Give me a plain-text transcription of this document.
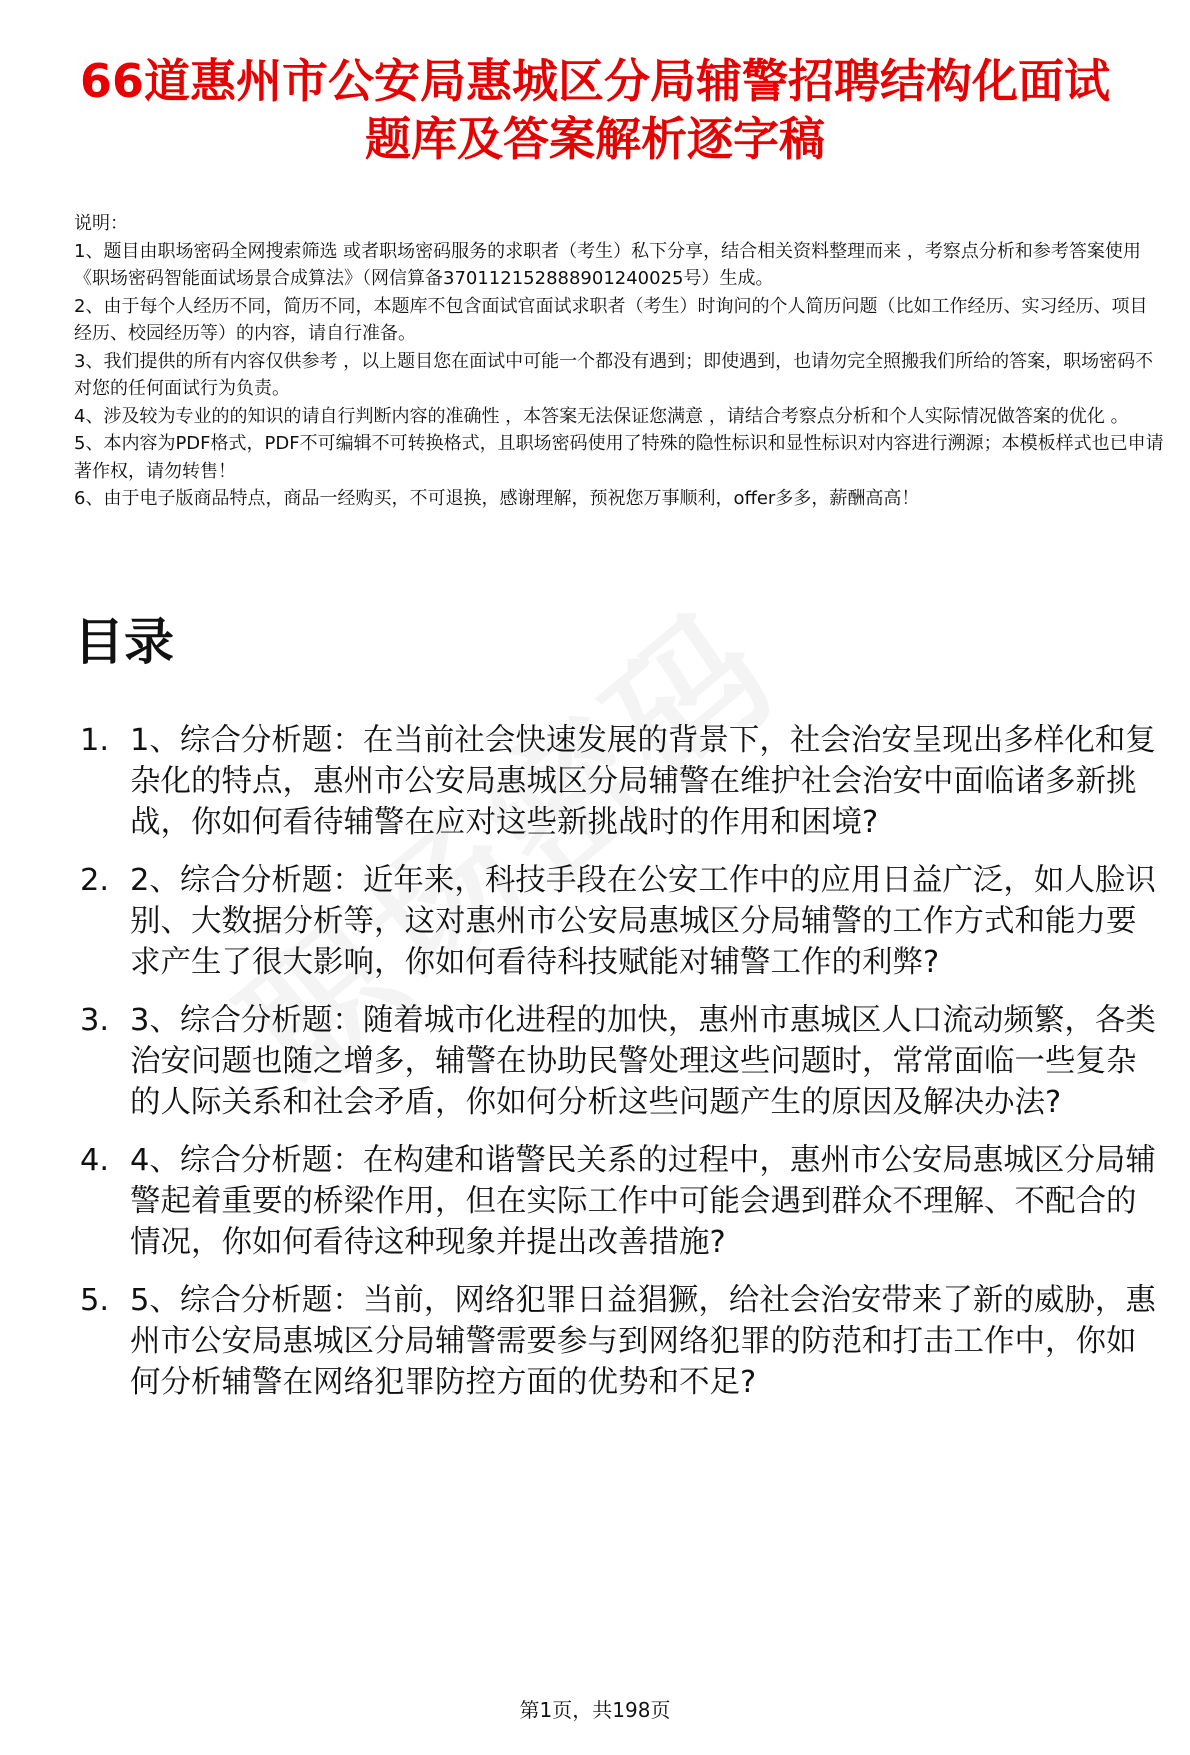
66道惠州市公安局惠城区分局辅警招聘结构化面试题库及答案解析逐字稿

说明：

1、题目由职场密码全网搜索筛选 或者职场密码服务的求职者（考生）私下分享，结合相关资料整理而来 ，考察点分析和参考答案使用《职场密码智能面试场景合成算法》（网信算备370112152888901240025号）生成。

2、由于每个人经历不同，简历不同，本题库不包含面试官面试求职者（考生）时询问的个人简历问题（比如工作经历、实习经历、项目经历、校园经历等）的内容，请自行准备。

3、我们提供的所有内容仅供参考 ，以上题目您在面试中可能一个都没有遇到；即使遇到，也请勿完全照搬我们所给的答案，职场密码不对您的任何面试行为负责。

4、涉及较为专业的的知识的请自行判断内容的准确性 ，本答案无法保证您满意 ，请结合考察点分析和个人实际情况做答案的优化 。

5、本内容为PDF格式，PDF不可编辑不可转换格式，且职场密码使用了特殊的隐性标识和显性标识对内容进行溯源；本模板样式也已申请著作权，请勿转售！

6、由于电子版商品特点，商品一经购买，不可退换，感谢理解，预祝您万事顺利，offer多多，薪酬高高！

目录
1. 1、综合分析题：在当前社会快速发展的背景下，社会治安呈现出多样化和复杂化的特点，惠州市公安局惠城区分局辅警在维护社会治安中面临诸多新挑战，你如何看待辅警在应对这些新挑战时的作用和困境?
2. 2、综合分析题：近年来，科技手段在公安工作中的应用日益广泛，如人脸识别、大数据分析等，这对惠州市公安局惠城区分局辅警的工作方式和能力要求产生了很大影响，你如何看待科技赋能对辅警工作的利弊?
3. 3、综合分析题：随着城市化进程的加快，惠州市惠城区人口流动频繁，各类治安问题也随之增多，辅警在协助民警处理这些问题时，常常面临一些复杂的人际关系和社会矛盾，你如何分析这些问题产生的原因及解决办法?
4. 4、综合分析题：在构建和谐警民关系的过程中，惠州市公安局惠城区分局辅警起着重要的桥梁作用，但在实际工作中可能会遇到群众不理解、不配合的情况，你如何看待这种现象并提出改善措施?
5. 5、综合分析题：当前，网络犯罪日益猖獗，给社会治安带来了新的威胁，惠州市公安局惠城区分局辅警需要参与到网络犯罪的防范和打击工作中，你如何分析辅警在网络犯罪防控方面的优势和不足?
第1页，共198页
